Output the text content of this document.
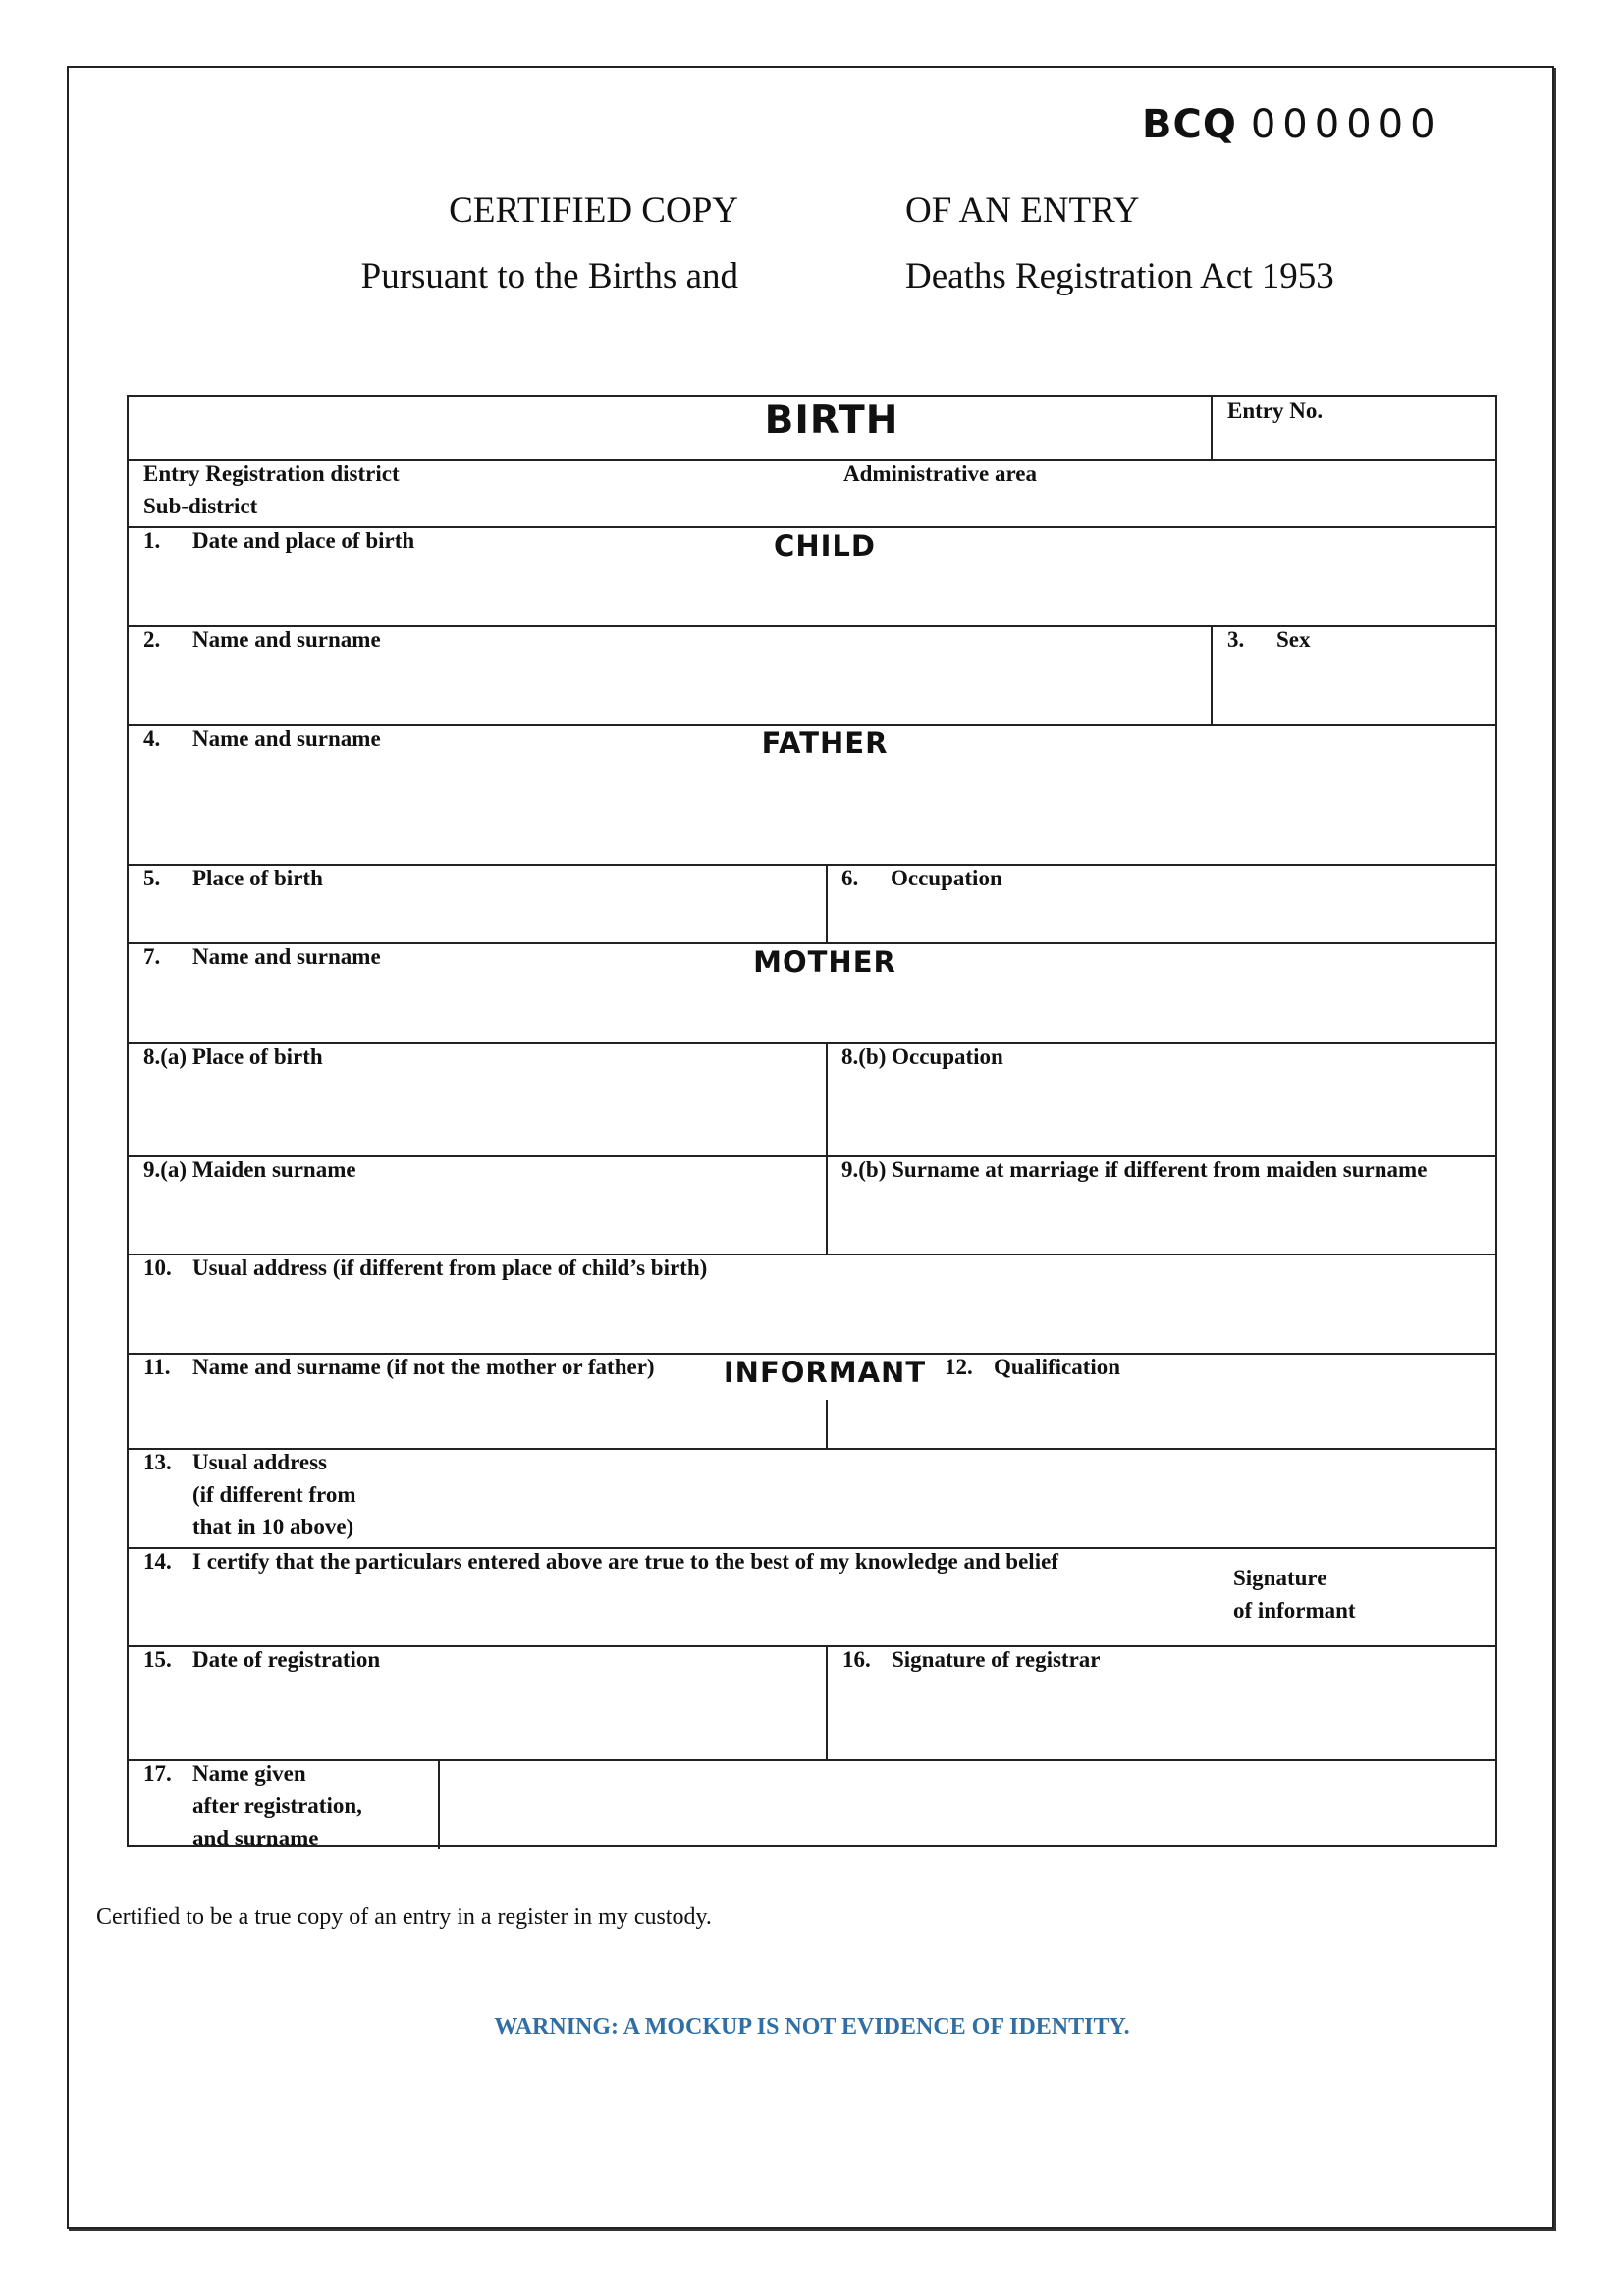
BCQ 000000
CERTIFIED COPY	OF AN ENTRY
Pursuant to the Births and	Deaths Registration Act 1953
BIRTH	Entry No.
Entry Registration district
Sub-district
Administrative area
1. Date and place of birth	CHILD
2. Name and surname	3. Sex
4. Name and surname	FATHER
5. Place of birth	6. Occupation
7. Name and surname	MOTHER
8.(a) Place of birth	8.(b) Occupation
9.(a) Maiden surname	9.(b) Surname at marriage if different from maiden surname
10. Usual address (if different from place of child’s birth)
11. Name and surname (if not the mother or father) INFORMANT 12. Qualification
13. Usual address
(if different from
that in 10 above)
14. I certify that the particulars entered above are true to the best of my knowledge and belief
Signature
of informant
15. Date of registration	16. Signature of registrar
17. Name given
after registration,
and surname
Certified to be a true copy of an entry in a register in my custody.
WARNING: A MOCKUP IS NOT EVIDENCE OF IDENTITY.
